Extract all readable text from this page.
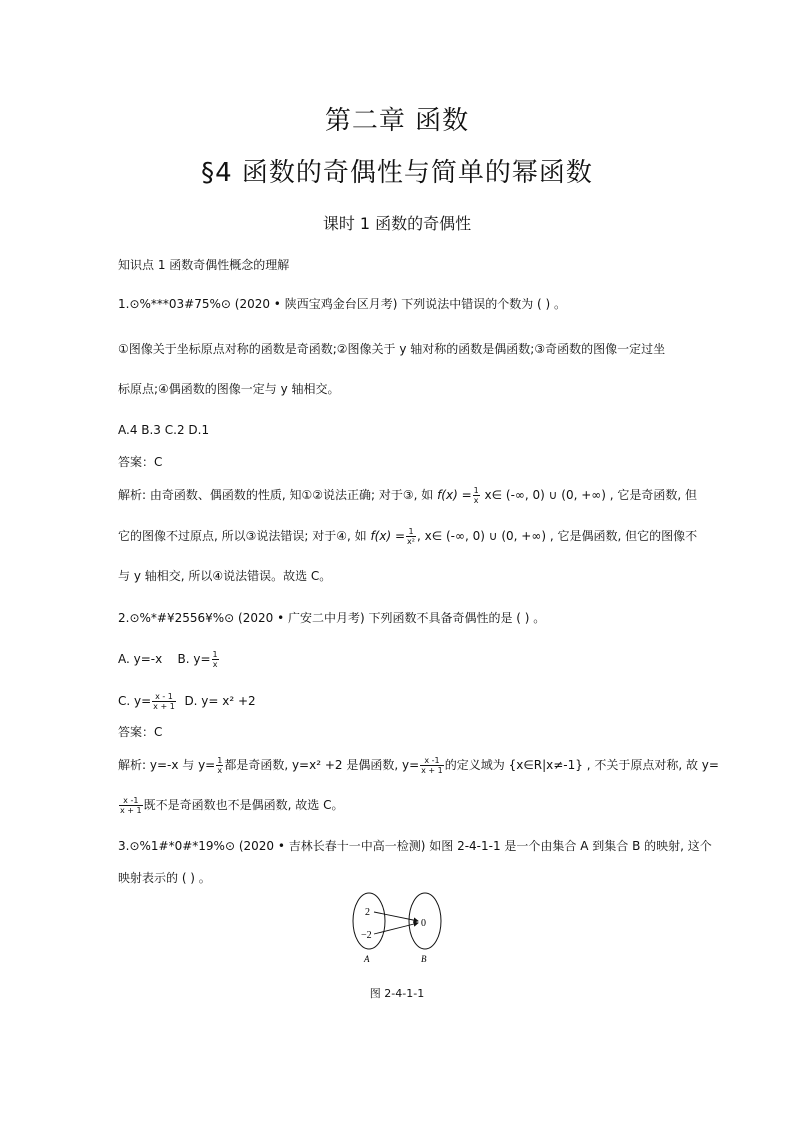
第二章 函数
§4 函数的奇偶性与简单的幂函数
课时 1 函数的奇偶性
知识点 1 函数奇偶性概念的理解
1.⊙%***03#75%⊙ (2020 • 陕西宝鸡金台区月考) 下列说法中错误的个数为 ( ) 。
①图像关于坐标原点对称的函数是奇函数;②图像关于 y 轴对称的函数是偶函数;③奇函数的图像一定过坐
标原点;④偶函数的图像一定与 y 轴相交。
A.4 B.3 C.2 D.1
答案：C
解析: 由奇函数、偶函数的性质, 知①②说法正确; 对于③, 如 $f(x) = \frac{1}{x}$ x∈ (-∞, 0) ∪ (0, +∞) , 它是奇函数, 但
它的图像不过原点, 所以③说法错误; 对于④, 如 $f(x) = \frac{1}{\text{x²}}$ , x∈ (-∞, 0) ∪ (0, +∞) , 它是偶函数, 但它的图像不
与 y 轴相交, 所以④说法错误。故选 C。
2.⊙%*#¥2556¥%⊙ (2020 • 广安二中月考) 下列函数不具备奇偶性的是 ( ) 。
A. y=-x B. $y= \frac{1}{x}$
C. $y= \frac{x - 1}{x + 1} D$. y= x² +2
答案：C
解析: y=-x 与 $y= \frac{1}{x}$ 都是奇函数, y=x² +2 是偶函数, $y= \frac{x -1}{x + 1}$ 的定义域为 {x∈R|x≠-1} , 不关于原点对称, 故 y=
$\frac{x -1}{x + 1}$ 既不是奇函数也不是偶函数, 故选 C。
3.⊙%1#*0#*19%⊙ (2020 • 吉林长春十一中高一检测) 如图 2-4-1-1 是一个由集合 A 到集合 B 的映射, 这个
映射表示的 ( ) 。
2
−2
0
A	B
图 2-4-1-1
